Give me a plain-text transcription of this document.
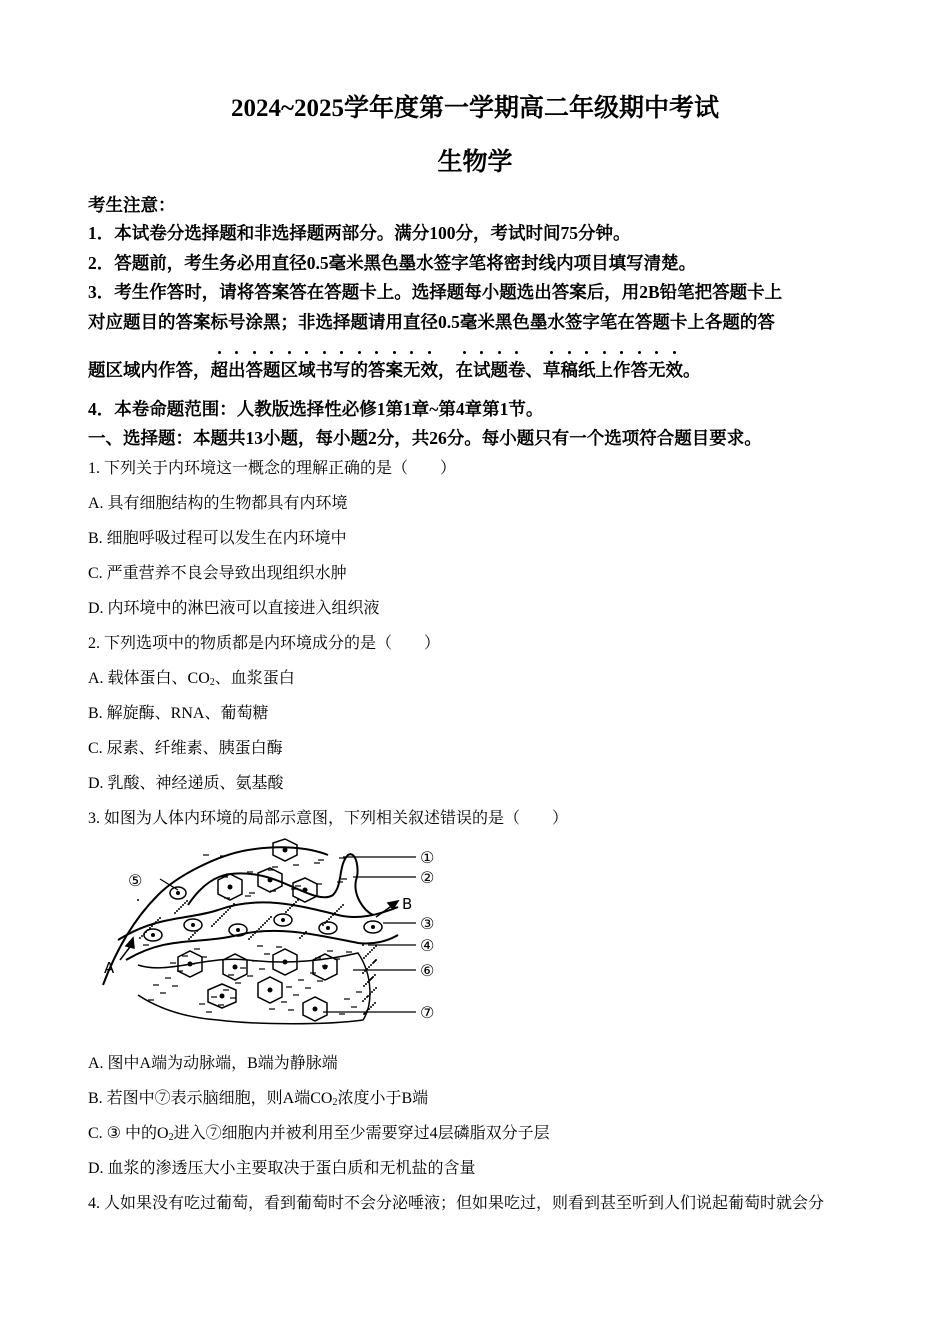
2024~2025学年度第一学期高二年级期中考试
生物学
考生注意：
1．本试卷分选择题和非选择题两部分。满分100分，考试时间75分钟。
2．答题前，考生务必用直径0.5毫米黑色墨水签字笔将密封线内项目填写清楚。
3．考生作答时，请将答案答在答题卡上。选择题每小题选出答案后，用2B铅笔把答题卡上
对应题目的答案标号涂黑；非选择题请用直径0.5毫米黑色墨水签字笔在答题卡上各题的答
题区域内作答，超出答题区域书写的答案无效，在试题卷、草稿纸上作答无效。
4．本卷命题范围：人教版选择性必修1第1章~第4章第1节。
一、选择题：本题共13小题，每小题2分，共26分。每小题只有一个选项符合题目要求。
1. 下列关于内环境这一概念的理解正确的是（　　）
A. 具有细胞结构的生物都具有内环境
B. 细胞呼吸过程可以发生在内环境中
C. 严重营养不良会导致出现组织水肿
D. 内环境中的淋巴液可以直接进入组织液
2. 下列选项中的物质都是内环境成分的是（　　）
A. 载体蛋白、$CO_2$、血浆蛋白
B. 解旋酶、RNA、葡萄糖
C. 尿素、纤维素、胰蛋白酶
D. 乳酸、神经递质、氨基酸
3. 如图为人体内环境的局部示意图，下列相关叙述错误的是（　　）
①
②
③
④
⑤
⑥
⑦
A
B
A. 图中A端为动脉端，B端为静脉端
B. 若图中⑦表示脑细胞，则A端$CO_2$浓度小于B端
C. ③ 中的$O_2$进入⑦细胞内并被利用至少需要穿过4层磷脂双分子层
D. 血浆的渗透压大小主要取决于蛋白质和无机盐的含量
4. 人如果没有吃过葡萄，看到葡萄时不会分泌唾液；但如果吃过，则看到甚至听到人们说起葡萄时就会分
